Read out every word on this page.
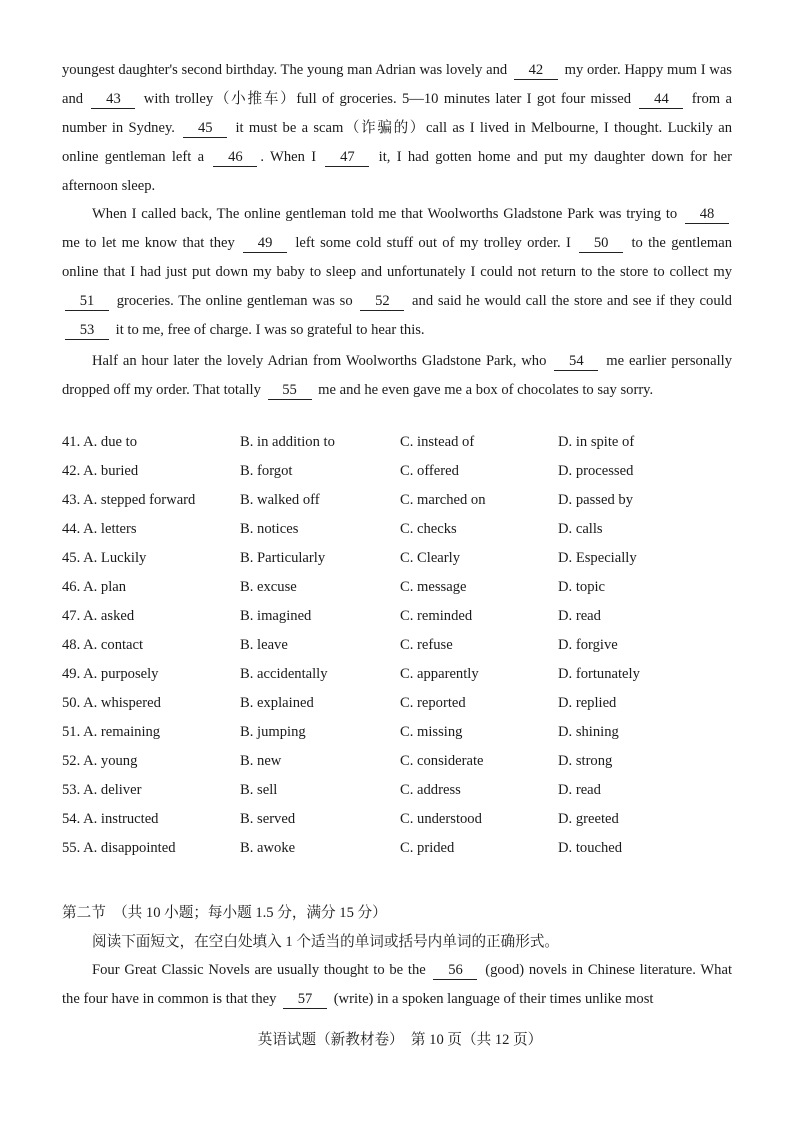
youngest daughter's second birthday. The young man Adrian was lovely and 42 my order. Happy mum I was and 43 with trolley（小推车）full of groceries. 5—10 minutes later I got four missed 44 from a number in Sydney. 45 it must be a scam（诈骗的）call as I lived in Melbourne, I thought. Luckily an online gentleman left a 46 . When I 47 it, I had gotten home and put my daughter down for her afternoon sleep.
When I called back, The online gentleman told me that Woolworths Gladstone Park was trying to 48 me to let me know that they 49 left some cold stuff out of my trolley order. I 50 to the gentleman online that I had just put down my baby to sleep and unfortunately I could not return to the store to collect my 51 groceries. The online gentleman was so 52 and said he would call the store and see if they could 53 it to me, free of charge. I was so grateful to hear this.
Half an hour later the lovely Adrian from Woolworths Gladstone Park, who 54 me earlier personally dropped off my order. That totally 55 me and he even gave me a box of chocolates to say sorry.
41. A. due to	B. in addition to	C. instead of	D. in spite of
42. A. buried	B. forgot	C. offered	D. processed
43. A. stepped forward	B. walked off	C. marched on	D. passed by
44. A. letters	B. notices	C. checks	D. calls
45. A. Luckily	B. Particularly	C. Clearly	D. Especially
46. A. plan	B. excuse	C. message	D. topic
47. A. asked	B. imagined	C. reminded	D. read
48. A. contact	B. leave	C. refuse	D. forgive
49. A. purposely	B. accidentally	C. apparently	D. fortunately
50. A. whispered	B. explained	C. reported	D. replied
51. A. remaining	B. jumping	C. missing	D. shining
52. A. young	B. new	C. considerate	D. strong
53. A. deliver	B. sell	C. address	D. read
54. A. instructed	B. served	C. understood	D. greeted
55. A. disappointed	B. awoke	C. prided	D. touched
第二节　（共 10 小题；每小题 1.5 分，满分 15 分）
阅读下面短文，在空白处填入 1 个适当的单词或括号内单词的正确形式。
Four Great Classic Novels are usually thought to be the 56 (good) novels in Chinese literature. What the four have in common is that they 57 (write) in a spoken language of their times unlike most
英语试题（新教材卷）　第 10 页（共 12 页）
